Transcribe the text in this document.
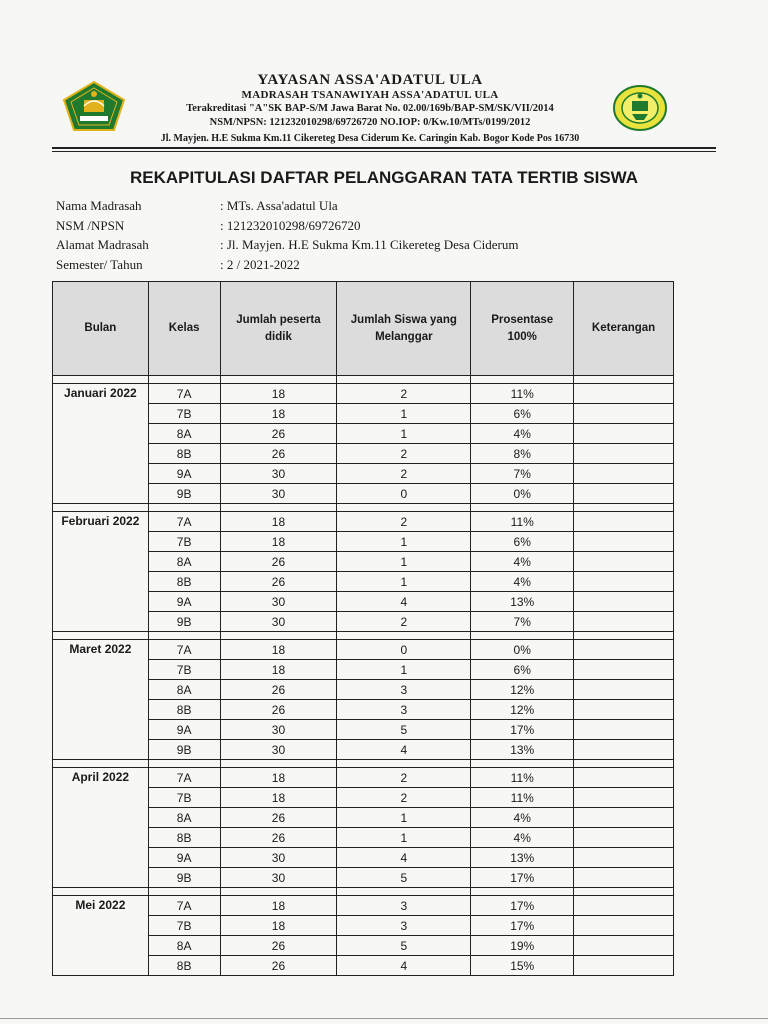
YAYASAN ASSA'ADATUL ULA
MADRASAH TSANAWIYAH ASSA'ADATUL ULA
Terakreditasi "A"SK BAP-S/M Jawa Barat No. 02.00/169b/BAP-SM/SK/VII/2014
NSM/NPSN: 121232010298/69726720 NO.IOP: 0/Kw.10/MTs/0199/2012
Jl. Mayjen. H.E Sukma Km.11 Cikereteg Desa Ciderum Ke. Caringin Kab. Bogor Kode Pos 16730
REKAPITULASI DAFTAR PELANGGARAN TATA TERTIB SISWA
Nama Madrasah	: MTs. Assa'adatul Ula
NSM /NPSN	: 121232010298/69726720
Alamat Madrasah	: Jl. Mayjen. H.E Sukma Km.11 Cikereteg Desa Ciderum
Semester/ Tahun	: 2 / 2021-2022
Bulan	Kelas	Jumlah peserta didik	Jumlah Siswa yang Melanggar	Prosentase 100%	Keterangan

Januari 2022	7A	18	2	11%	
	7B	18	1	6%	
	8A	26	1	4%	
	8B	26	2	8%	
	9A	30	2	7%	
	9B	30	0	0%	

Februari 2022	7A	18	2	11%	
	7B	18	1	6%	
	8A	26	1	4%	
	8B	26	1	4%	
	9A	30	4	13%	
	9B	30	2	7%	

Maret 2022	7A	18	0	0%	
	7B	18	1	6%	
	8A	26	3	12%	
	8B	26	3	12%	
	9A	30	5	17%	
	9B	30	4	13%	

April 2022	7A	18	2	11%	
	7B	18	2	11%	
	8A	26	1	4%	
	8B	26	1	4%	
	9A	30	4	13%	
	9B	30	5	17%	

Mei 2022	7A	18	3	17%	
	7B	18	3	17%	
	8A	26	5	19%	
	8B	26	4	15%	
